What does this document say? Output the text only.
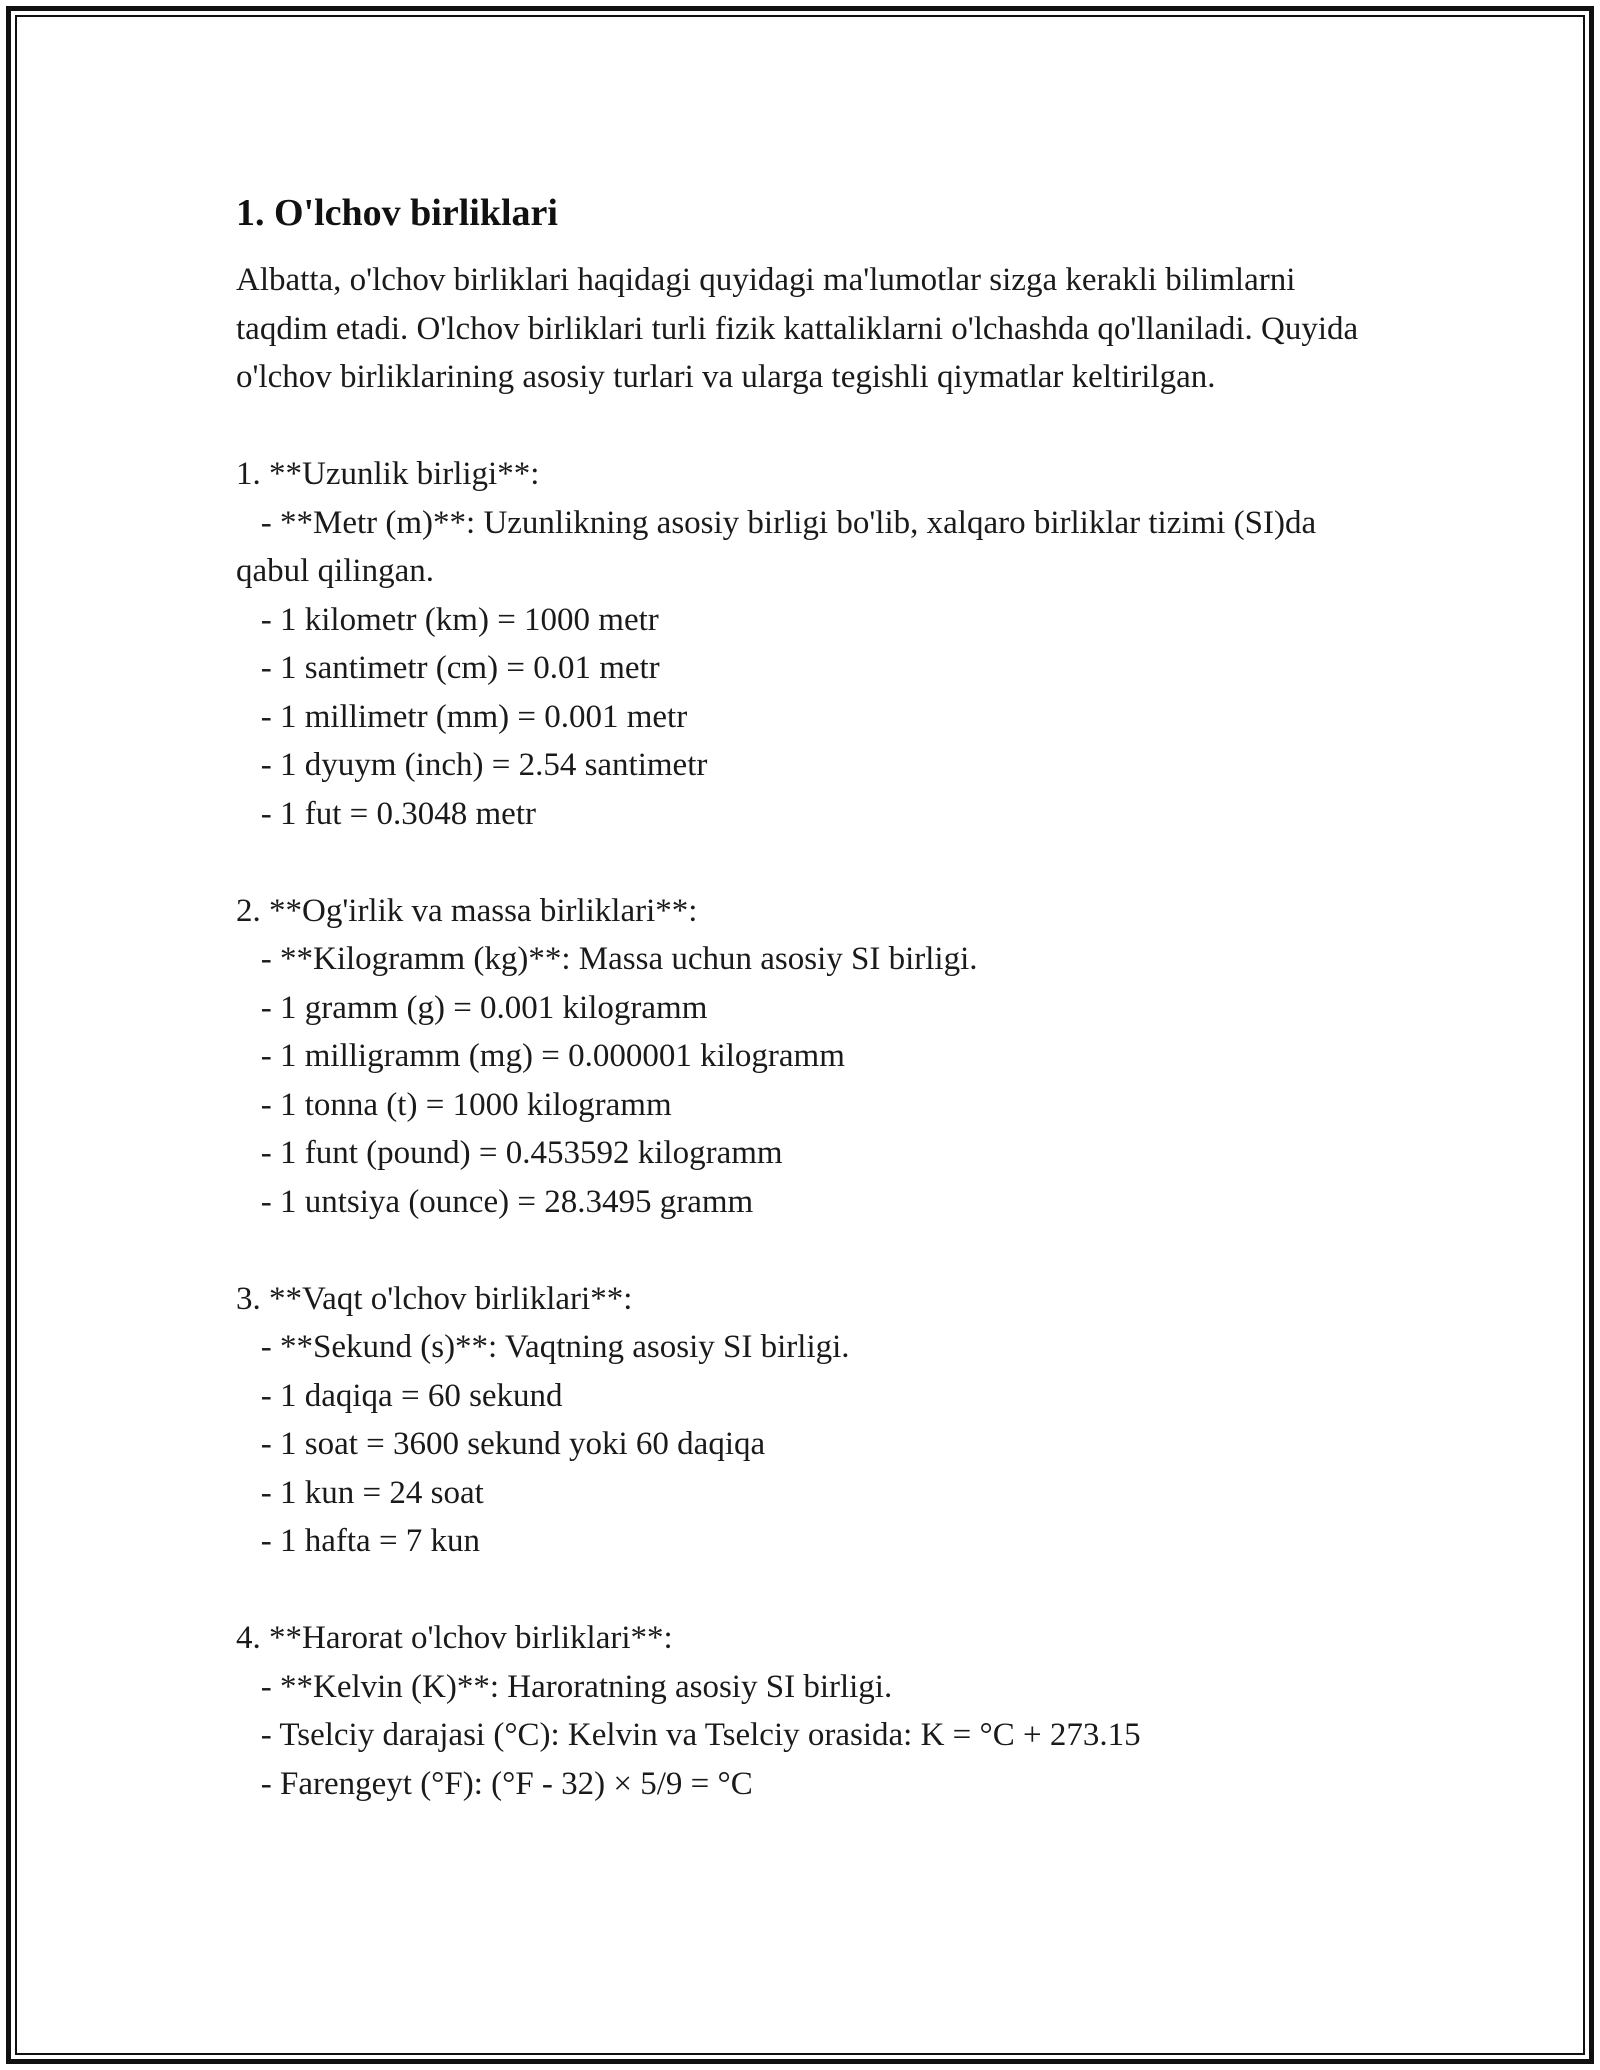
1. O'lchov birliklari

Albatta, o'lchov birliklari haqidagi quyidagi ma'lumotlar sizga kerakli bilimlarni taqdim etadi. O'lchov birliklari turli fizik kattaliklarni o'lchashda qo'llaniladi. Quyida o'lchov birliklarining asosiy turlari va ularga tegishli qiymatlar keltirilgan.

1. **Uzunlik birligi**:

- **Metr (m)**: Uzunlikning asosiy birligi bo'lib, xalqaro birliklar tizimi (SI)da qabul qilingan.

- 1 kilometr (km) = 1000 metr

- 1 santimetr (cm) = 0.01 metr

- 1 millimetr (mm) = 0.001 metr

- 1 dyuym (inch) = 2.54 santimetr

- 1 fut = 0.3048 metr

2. **Og'irlik va massa birliklari**:

- **Kilogramm (kg)**: Massa uchun asosiy SI birligi.

- 1 gramm (g) = 0.001 kilogramm

- 1 milligramm (mg) = 0.000001 kilogramm

- 1 tonna (t) = 1000 kilogramm

- 1 funt (pound) = 0.453592 kilogramm

- 1 untsiya (ounce) = 28.3495 gramm

3. **Vaqt o'lchov birliklari**:

- **Sekund (s)**: Vaqtning asosiy SI birligi.

- 1 daqiqa = 60 sekund

- 1 soat = 3600 sekund yoki 60 daqiqa

- 1 kun = 24 soat

- 1 hafta = 7 kun

4. **Harorat o'lchov birliklari**:

- **Kelvin (K)**: Haroratning asosiy SI birligi.

- Tselciy darajasi (°C): Kelvin va Tselciy orasida: K = °C + 273.15

- Farengeyt (°F): (°F - 32) × 5/9 = °C
